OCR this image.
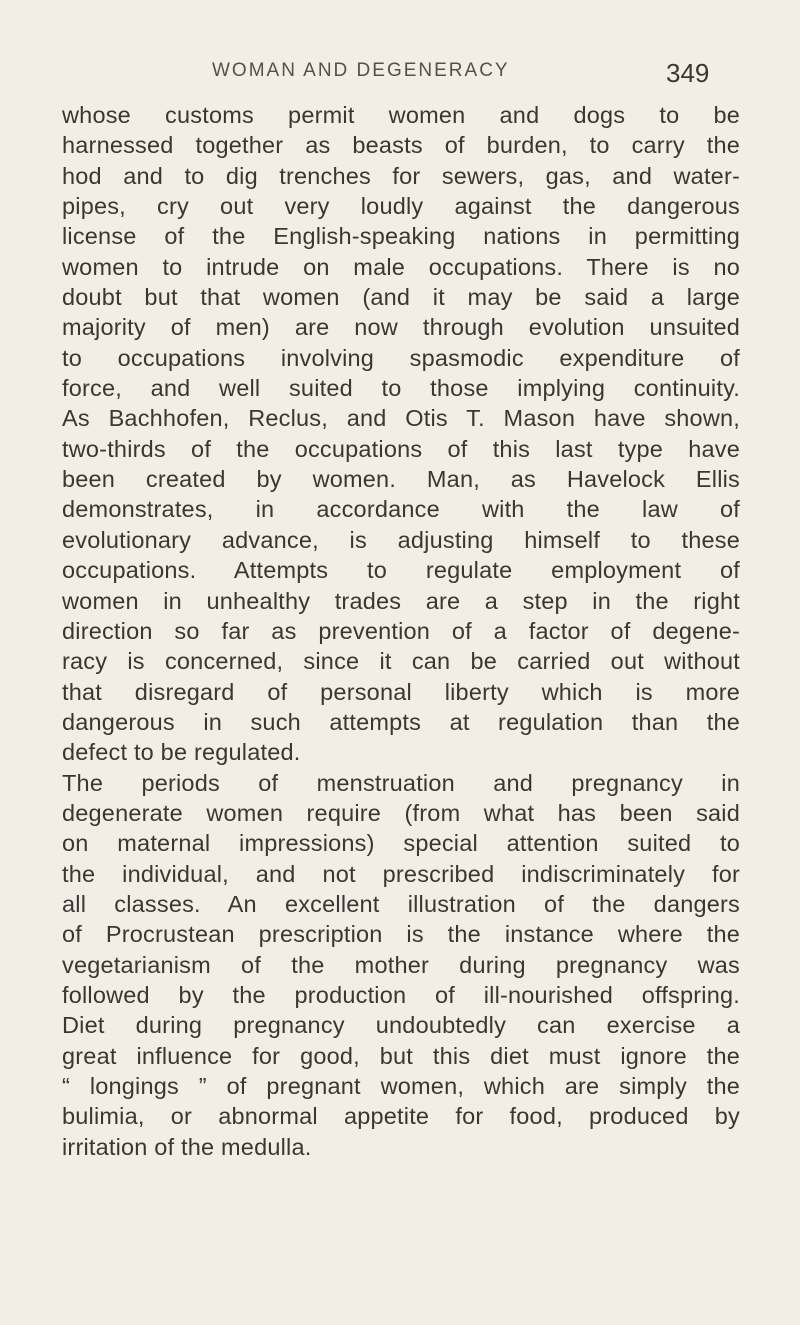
WOMAN AND DEGENERACY	349
whose customs permit women and dogs to be
harnessed together as beasts of burden, to carry the
hod and to dig trenches for sewers, gas, and water-
pipes, cry out very loudly against the dangerous
license of the English-speaking nations in permitting
women to intrude on male occupations. There is no
doubt but that women (and it may be said a large
majority of men) are now through evolution unsuited
to occupations involving spasmodic expenditure of
force, and well suited to those implying continuity.
As Bachhofen, Reclus, and Otis T. Mason have shown,
two-thirds of the occupations of this last type have
been created by women. Man, as Havelock Ellis
demonstrates, in accordance with the law of
evolutionary advance, is adjusting himself to these
occupations. Attempts to regulate employment of
women in unhealthy trades are a step in the right
direction so far as prevention of a factor of degene-
racy is concerned, since it can be carried out without
that disregard of personal liberty which is more
dangerous in such attempts at regulation than the
defect to be regulated.
The periods of menstruation and pregnancy in
degenerate women require (from what has been said
on maternal impressions) special attention suited to
the individual, and not prescribed indiscriminately for
all classes. An excellent illustration of the dangers
of Procrustean prescription is the instance where the
vegetarianism of the mother during pregnancy was
followed by the production of ill-nourished offspring.
Diet during pregnancy undoubtedly can exercise a
great influence for good, but this diet must ignore the
“ longings ” of pregnant women, which are simply the
bulimia, or abnormal appetite for food, produced by
irritation of the medulla.
